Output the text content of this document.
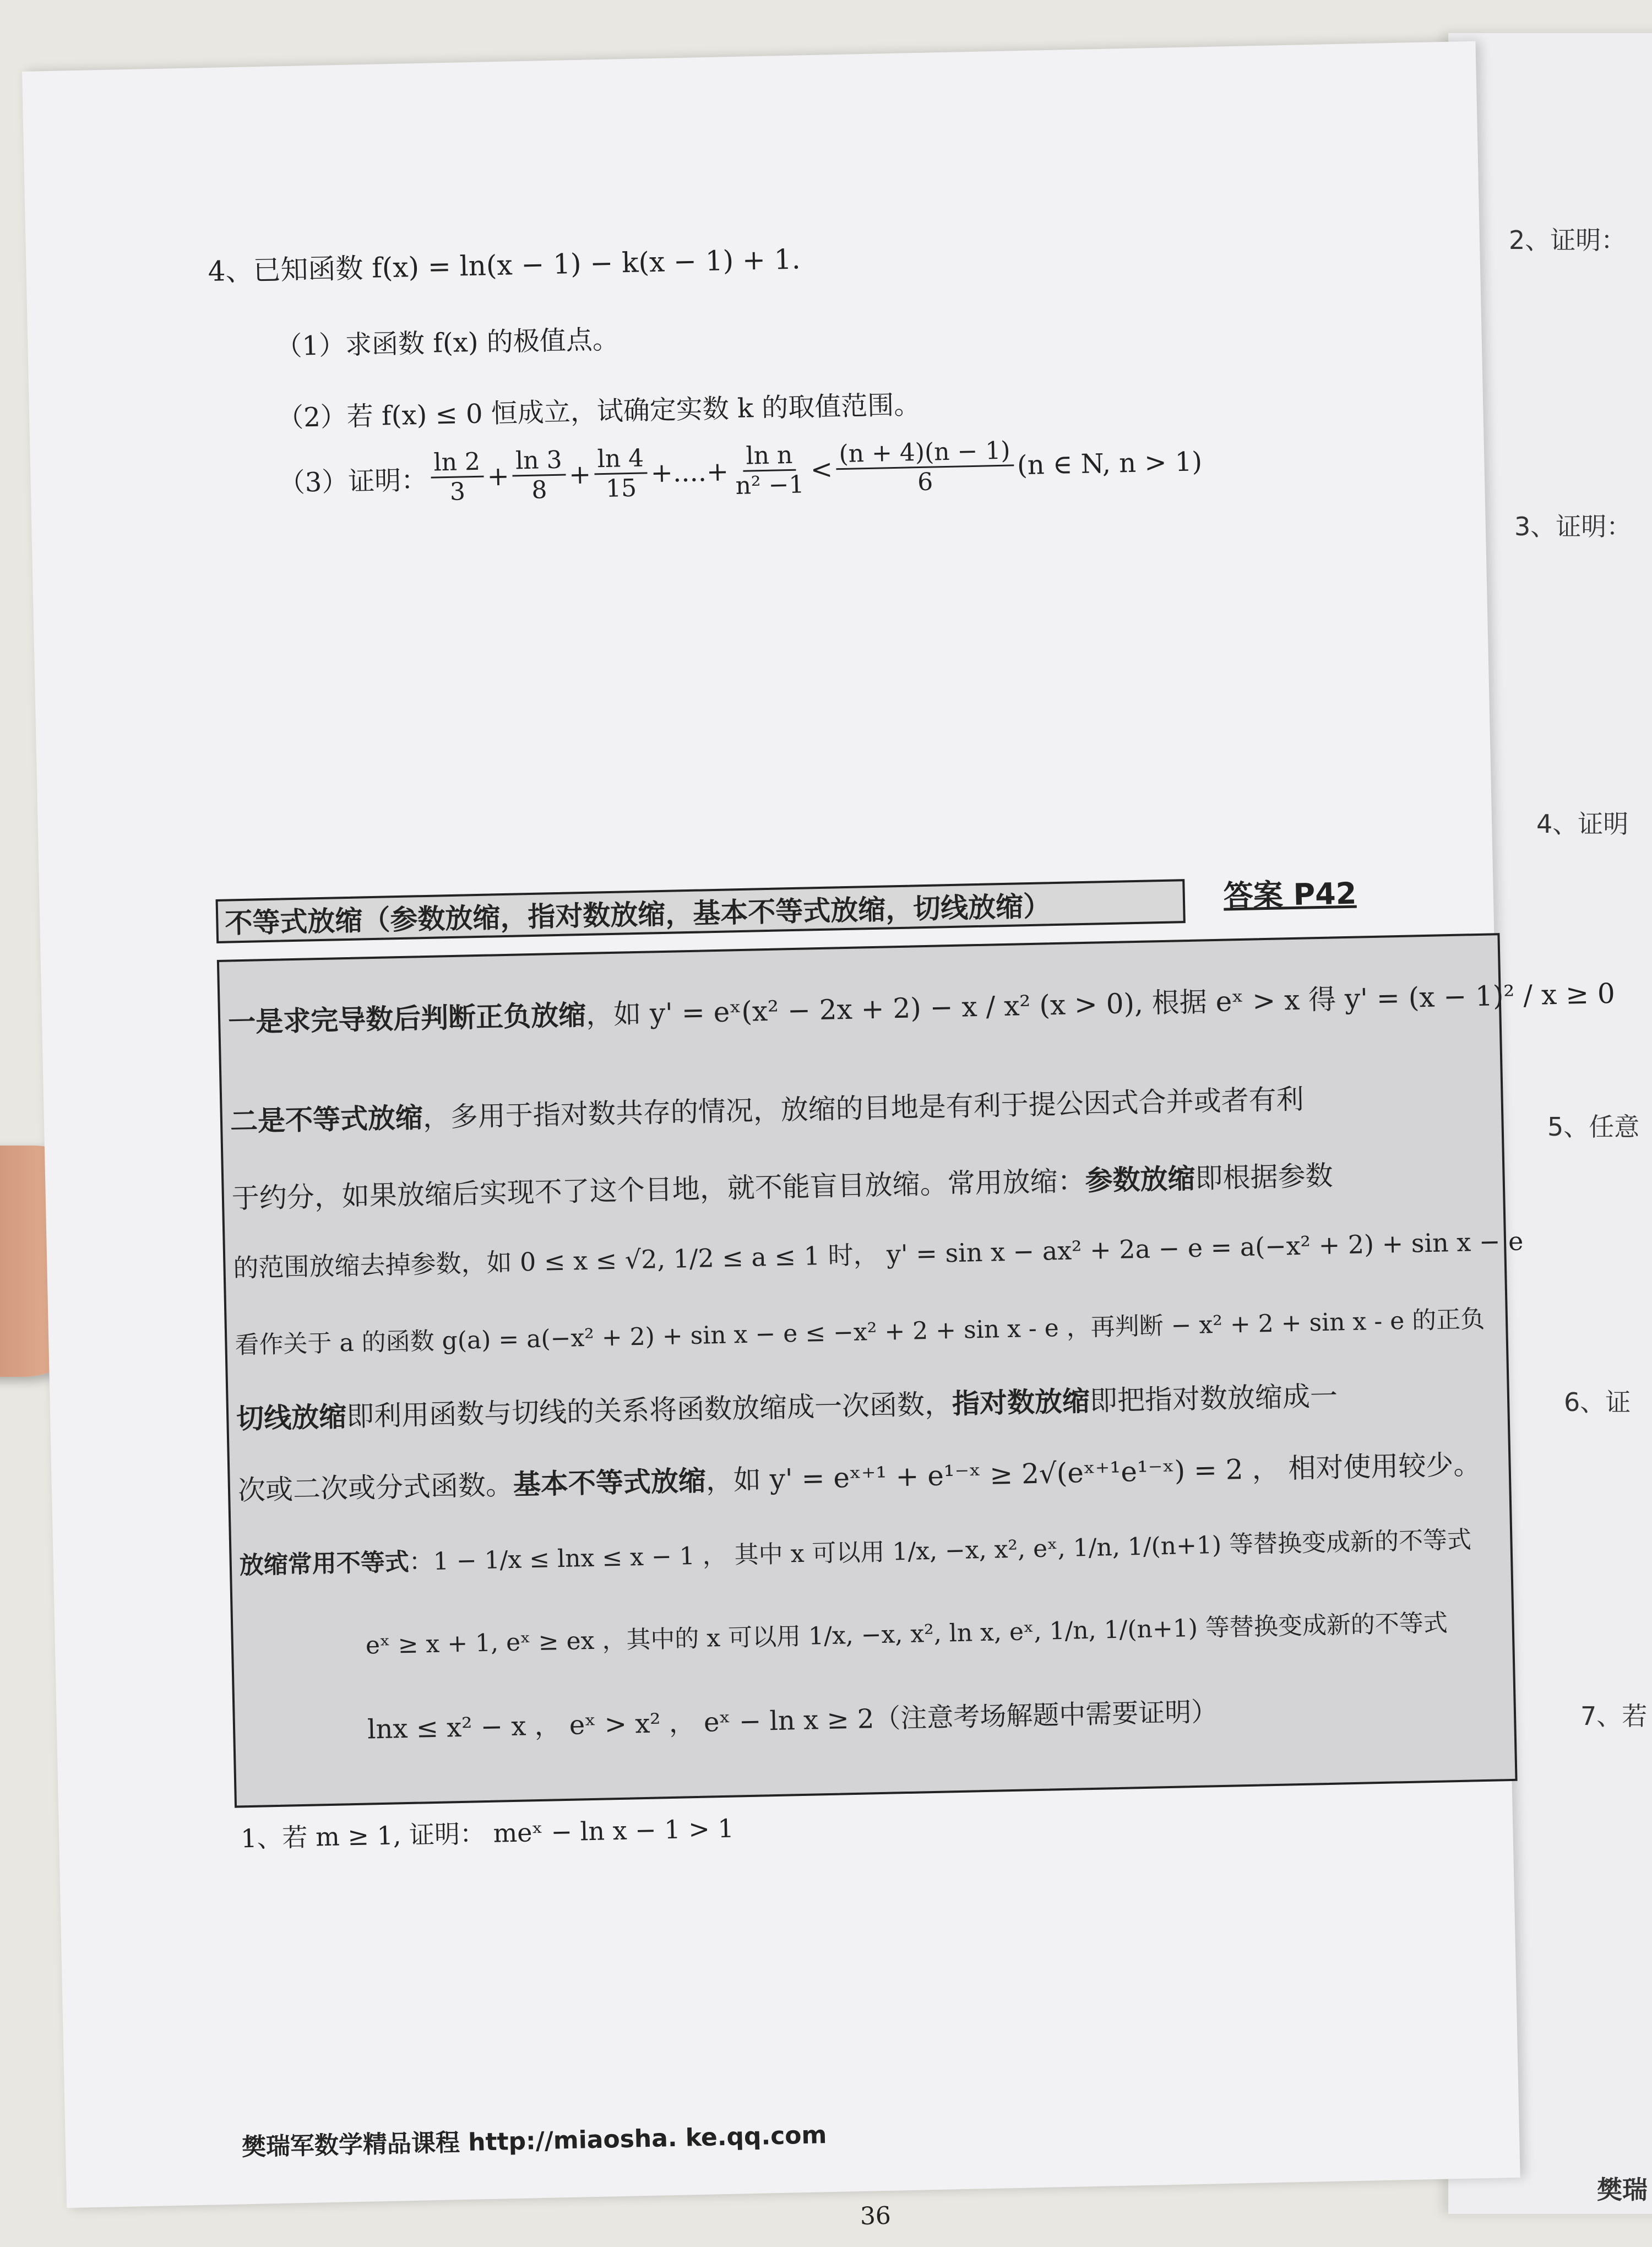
2、证明：
3、证明：
4、证明
5、任意
6、证
7、若
樊瑞
4、已知函数 f(x) = ln(x − 1) − k(x − 1) + 1.
（1）求函数 f(x) 的极值点。
（2）若 f(x) ≤ 0 恒成立，试确定实数 k 的取值范围。
（3）证明： $\frac{\ln 2}{3} + \frac{\ln 3}{8} + \frac{\ln 4}{15}$ +....+ $\frac{\text{ln n}}{\text{n² −1}} < \frac{(n + 4)(n - 1)}{6} (n$ ∈ N, n > 1)
不等式放缩（参数放缩，指对数放缩，基本不等式放缩，切线放缩）	答案 P42
一是求完导数后判断正负放缩，如 y' = eˣ(x² − 2x + 2) − x / x² (x > 0), 根据 eˣ > x 得 y' = (x − 1)² / x ≥ 0
二是不等式放缩，多用于指对数共存的情况，放缩的目地是有利于提公因式合并或者有利
于约分，如果放缩后实现不了这个目地，就不能盲目放缩。常用放缩：参数放缩即根据参数
的范围放缩去掉参数，如 0 ≤ x ≤ √2, 1/2 ≤ a ≤ 1 时， y' = sin x − ax² + 2a − e = a(−x² + 2) + sin x − e
看作关于 a 的函数 g(a) = a(−x² + 2) + sin x − e ≤ −x² + 2 + sin x - e ，再判断 − x² + 2 + sin x - e 的正负
切线放缩即利用函数与切线的关系将函数放缩成一次函数，指对数放缩即把指对数放缩成一
次或二次或分式函数。基本不等式放缩，如 y' = eˣ⁺¹ + e¹⁻ˣ ≥ 2√(eˣ⁺¹e¹⁻ˣ) = 2 ， 相对使用较少。
放缩常用不等式：1 − 1/x ≤ lnx ≤ x − 1 ， 其中 x 可以用 1/x, −x, x², eˣ, 1/n, 1/(n+1) 等替换变成新的不等式
eˣ ≥ x + 1, eˣ ≥ ex ，其中的 x 可以用 1/x, −x, x², ln x, eˣ, 1/n, 1/(n+1) 等替换变成新的不等式
lnx ≤ x² − x ， eˣ > x² ， eˣ − ln x ≥ 2（注意考场解题中需要证明）
1、若 m ≥ 1, 证明： meˣ − ln x − 1 > 1
樊瑞军数学精品课程 http://miaosha. ke.qq.com
36
